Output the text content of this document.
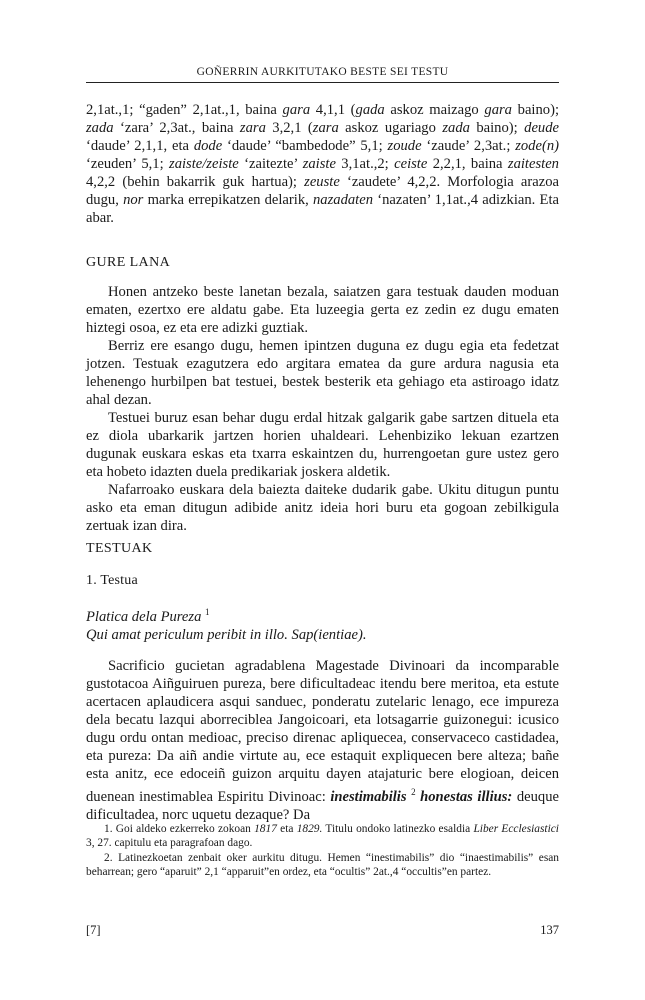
GOÑERRIN AURKITUTAKO BESTE SEI TESTU

2,1at.,1; “gaden” 2,1at.,1, baina gara 4,1,1 (gada askoz maizago gara baino); zada ‘zara’ 2,3at., baina zara 3,2,1 (zara askoz ugariago zada baino); deude ‘daude’ 2,1,1, eta dode ‘daude’ “bambedode” 5,1; zoude ‘zaude’ 2,3at.; zode(n) ‘zeuden’ 5,1; zaiste/zeiste ‘zaitezte’ zaiste 3,1at.,2; ceiste 2,2,1, baina zaitesten 4,2,2 (behin bakarrik guk hartua); zeuste ‘zaudete’ 4,2,2. Morfologia arazoa dugu, nor marka errepikatzen delarik, nazadaten ‘nazaten’ 1,1at.,4 adizkian. Eta abar.

GURE LANA

Honen antzeko beste lanetan bezala, saiatzen gara testuak dauden moduan ematen, ezertxo ere aldatu gabe. Eta luzeegia gerta ez zedin ez dugu ematen hiztegi osoa, ez eta ere adizki guztiak.

Berriz ere esango dugu, hemen ipintzen duguna ez dugu egia eta fedetzat jotzen. Testuak ezagutzera edo argitara ematea da gure ardura nagusia eta lehenengo hurbilpen bat testuei, bestek besterik eta gehiago eta astiroago idatz ahal dezan.

Testuei buruz esan behar dugu erdal hitzak galgarik gabe sartzen dituela eta ez diola ubarkarik jartzen horien uhaldeari. Lehenbiziko lekuan ezartzen dugunak euskara eskas eta txarra eskaintzen du, hurrengoetan gure ustez gero eta hobeto idazten duela predikariak joskera aldetik.

Nafarroako euskara dela baiezta daiteke dudarik gabe. Ukitu ditugun puntu asko eta eman ditugun adibide anitz ideia hori buru eta gogoan zebilkigula zertuak izan dira.

TESTUAK
1. Testua

Platica dela Pureza $^1$

Qui amat periculum peribit in illo. Sap(ientiae).

Sacrificio gucietan agradablena Magestade Divinoari da incomparable gustotacoa Aiñguiruen pureza, bere dificultadeac itendu bere meritoa, eta estute acertacen aplaudicera asqui sanduec, ponderatu zutelaric lenago, ece impureza dela becatu lazqui aborreciblea Jangoicoari, eta lotsagarrie guizonegui: icusico dugu ordu ontan medioac, preciso direnac apliquecea, conservaceco castidadea, eta pureza: Da aiñ andie virtute au, ece estaquit expliquecen bere alteza; bañe esta anitz, ece edoceiñ guizon arquitu dayen atajaturic bere elogioan, deicen duenean inestimablea Espiritu Divinoac: inestimabilis $^2$ honestas illius: deuque dificultadea, norc uquetu dezaque? Da

1. Goi aldeko ezkerreko zokoan 1817 eta 1829. Titulu ondoko latinezko esaldia Liber Ecclesiastici 3, 27. capitulu eta paragrafoan dago.

2. Latinezkoetan zenbait oker aurkitu ditugu. Hemen “inestimabilis” dio “inaestimabilis” esan beharrean; gero “aparuit” 2,1 “apparuit”en ordez, eta “ocultis” 2at.,4 “occultis”en partez.

[7]	137
